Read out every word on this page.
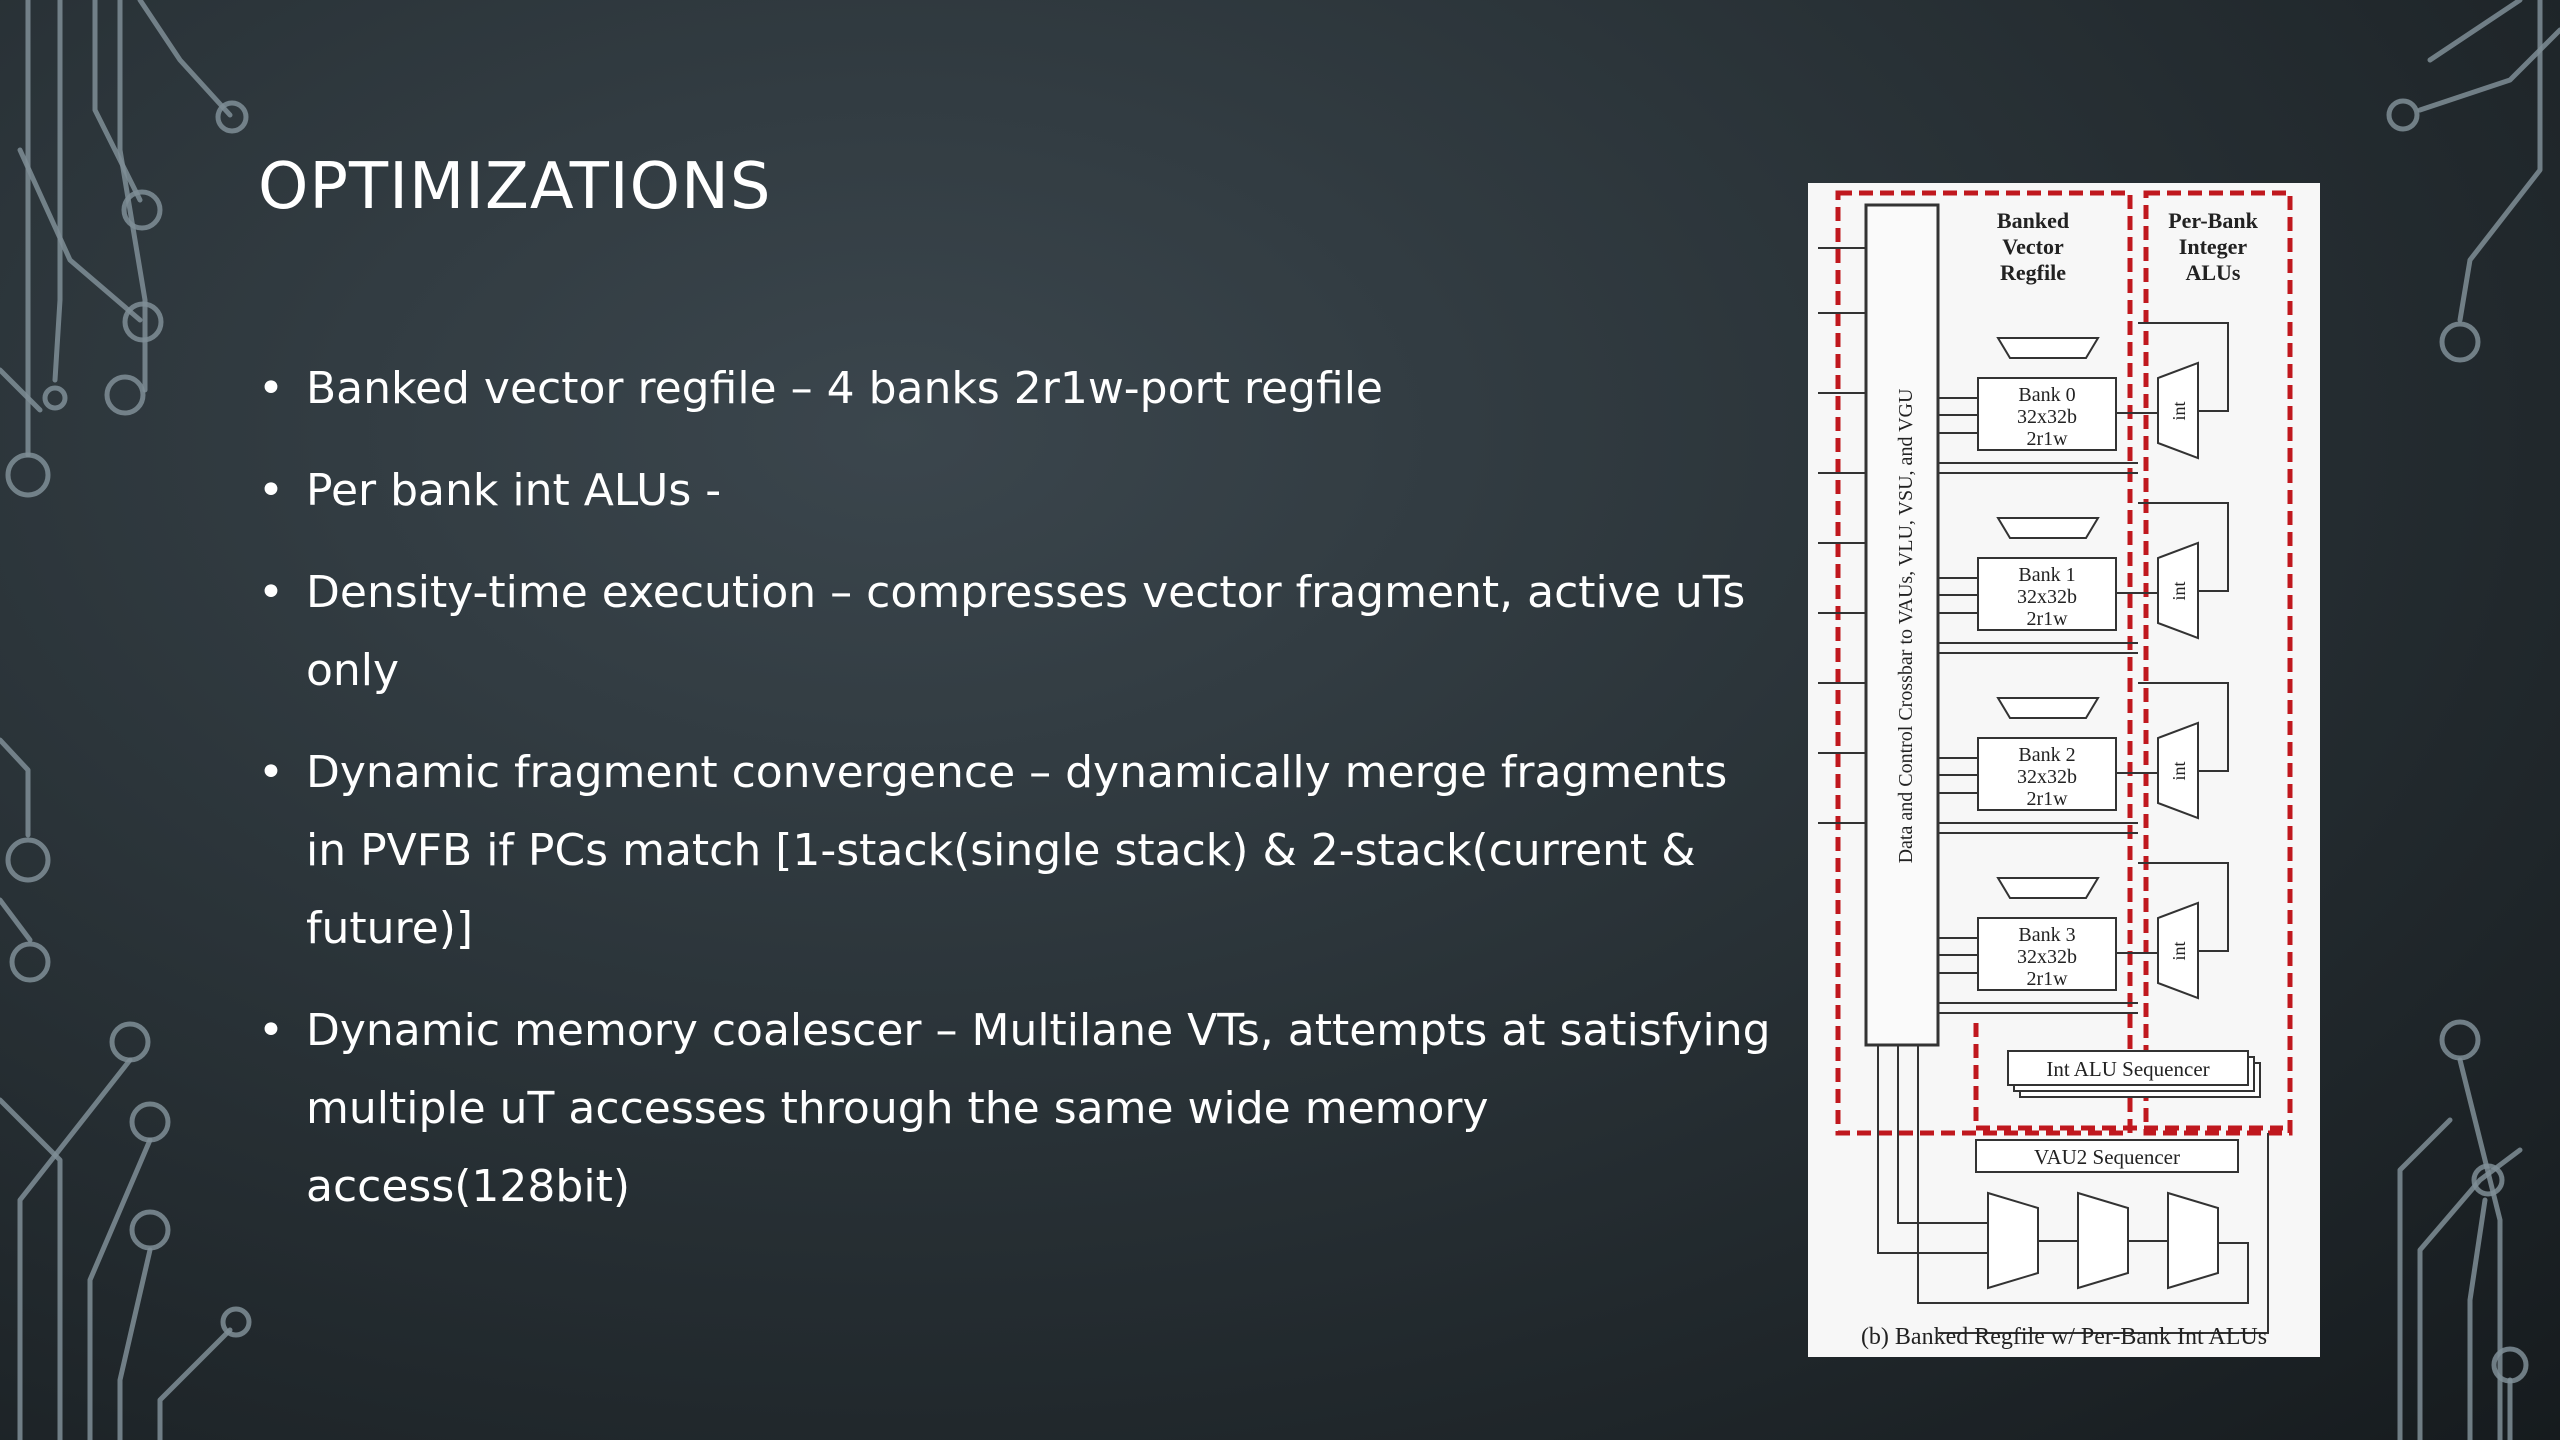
OPTIMIZATIONS
• Banked vector regfile – 4 banks 2r1w-port regfile
• Per bank int ALUs -
• Density-time execution – compresses vector fragment, active uTs only
• Dynamic fragment convergence – dynamically merge fragments in PVFB if PCs match [1-stack(single stack) & 2-stack(current & future)]
• Dynamic memory coalescer – Multilane VTs, attempts at satisfying multiple uT accesses through the same wide memory access(128bit)
Banked
Vector
Regfile
Per-Bank
Integer
ALUs
Data and Control Crossbar to VAUs, VLU, VSU, and VGU	Bank 0
32x32b
2r1w
int
Bank 1
32x32b
2r1w
int
Bank 2
32x32b
2r1w
int
Bank 3
32x32b
2r1w
int
Int ALU Sequencer
VAU2 Sequencer
(b) Banked Regfile w/ Per-Bank Int ALUs
